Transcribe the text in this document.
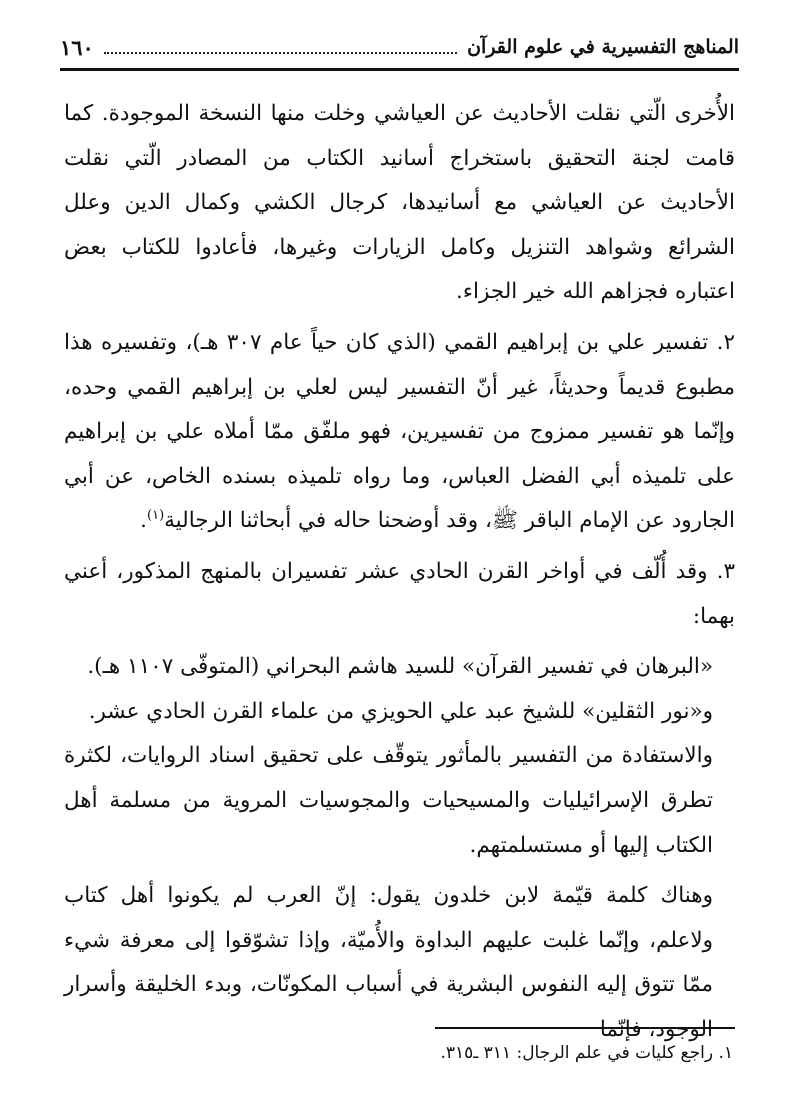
١٦٠	المناهج التفسيرية في علوم القرآن

الأُخرى الّتي نقلت الأحاديث عن العياشي وخلت منها النسخة الموجودة. كما قامت لجنة التحقيق باستخراج أسانيد الكتاب من المصادر الّتي نقلت الأحاديث عن العياشي مع أسانيدها، كرجال الكشي وكمال الدين وعلل الشرائع وشواهد التنزيل وكامل الزيارات وغيرها، فأعادوا للكتاب بعض اعتباره فجزاهم الله خير الجزاء.

٢. تفسير علي بن إبراهيم القمي (الذي كان حياً عام ٣٠٧ هـ)، وتفسيره هذا مطبوع قديماً وحديثاً، غير أنّ التفسير ليس لعلي بن إبراهيم القمي وحده، وإنّما هو تفسير ممزوج من تفسيرين، فهو ملفّق ممّا أملاه علي بن إبراهيم على تلميذه أبي الفضل العباس، وما رواه تلميذه بسنده الخاص، عن أبي الجارود عن الإمام الباقر ﷺ، وقد أوضحنا حاله في أبحاثنا الرجالية$^{(١)}$.

٣. وقد أُلّف في أواخر القرن الحادي عشر تفسيران بالمنهج المذكور، أعني بهما:

«البرهان في تفسير القرآن» للسيد هاشم البحراني (المتوفّى ١١٠٧ هـ).

و«نور الثقلين» للشيخ عبد علي الحويزي من علماء القرن الحادي عشر.

والاستفادة من التفسير بالمأثور يتوقّف على تحقيق اسناد الروايات، لكثرة تطرق الإسرائيليات والمسيحيات والمجوسيات المروية من مسلمة أهل الكتاب إليها أو مستسلمتهم.

وهناك كلمة قيّمة لابن خلدون يقول: إنّ العرب لم يكونوا أهل كتاب ولاعلم، وإنّما غلبت عليهم البداوة والأُميّة، وإذا تشوّقوا إلى معرفة شيء ممّا تتوق إليه النفوس البشرية في أسباب المكونّات، وبدء الخليقة وأسرار الوجود، فإنّما

١. راجع كليات في علم الرجال: ٣١١ ـ٣١٥.
